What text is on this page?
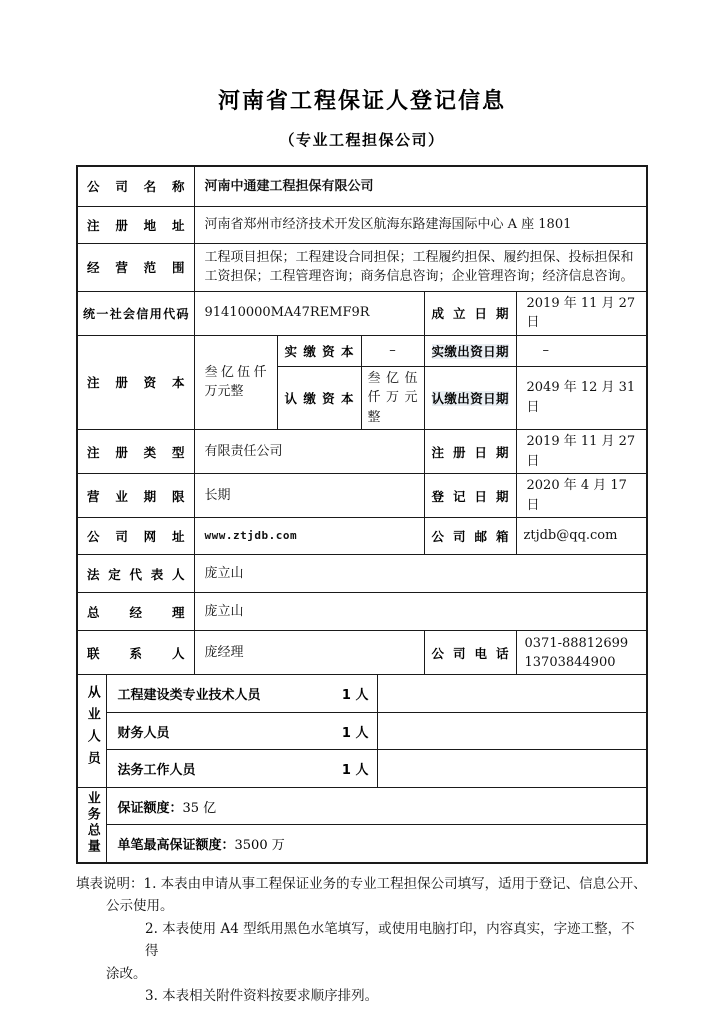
河南省工程保证人登记信息
（专业工程担保公司）
公司名称		河南中通建工程担保有限公司					
注册地址		河南省郑州市经济技术开发区航海东路建海国际中心 A 座 1801					
经营范围		工程项目担保；工程建设合同担保；工程履约担保、履约担保、投标担保和工资担保；工程管理咨询；商务信息咨询；企业管理咨询；经济信息咨询。					
统一社会信用代码		91410000MA47REMF9R				成立日期	2019 年 11 月 27 日
注册资本		叁亿伍仟万元整	实缴资本	–		实缴出资日期	–
			认缴资本	叁亿伍仟万元整		认缴出资日期	2049 年 12 月 31 日
注册类型		有限责任公司				注册日期	2019 年 11 月 27 日
营业期限		长期				登记日期	2020 年 4 月 17 日
公司网址		www.ztjdb.com				公司邮箱	ztjdb@qq.com
法定代表人		庞立山					
总经理		庞立山					
联系人		庞经理				公司电话	0371-88812699
13703844900

从业人员	工程建设类专业技术人员 1 人						

	财务人员 1 人						

	法务工作人员 1 人						

业务总量	保证额度：35 亿						

	单笔最高保证额度：3500 万						
填表说明：1. 本表由申请从事工程保证业务的专业工程担保公司填写，适用于登记、信息公开、
公示使用。
2. 本表使用 A4 型纸用黑色水笔填写，或使用电脑打印，内容真实，字迹工整，不得
涂改。
3. 本表相关附件资料按要求顺序排列。
